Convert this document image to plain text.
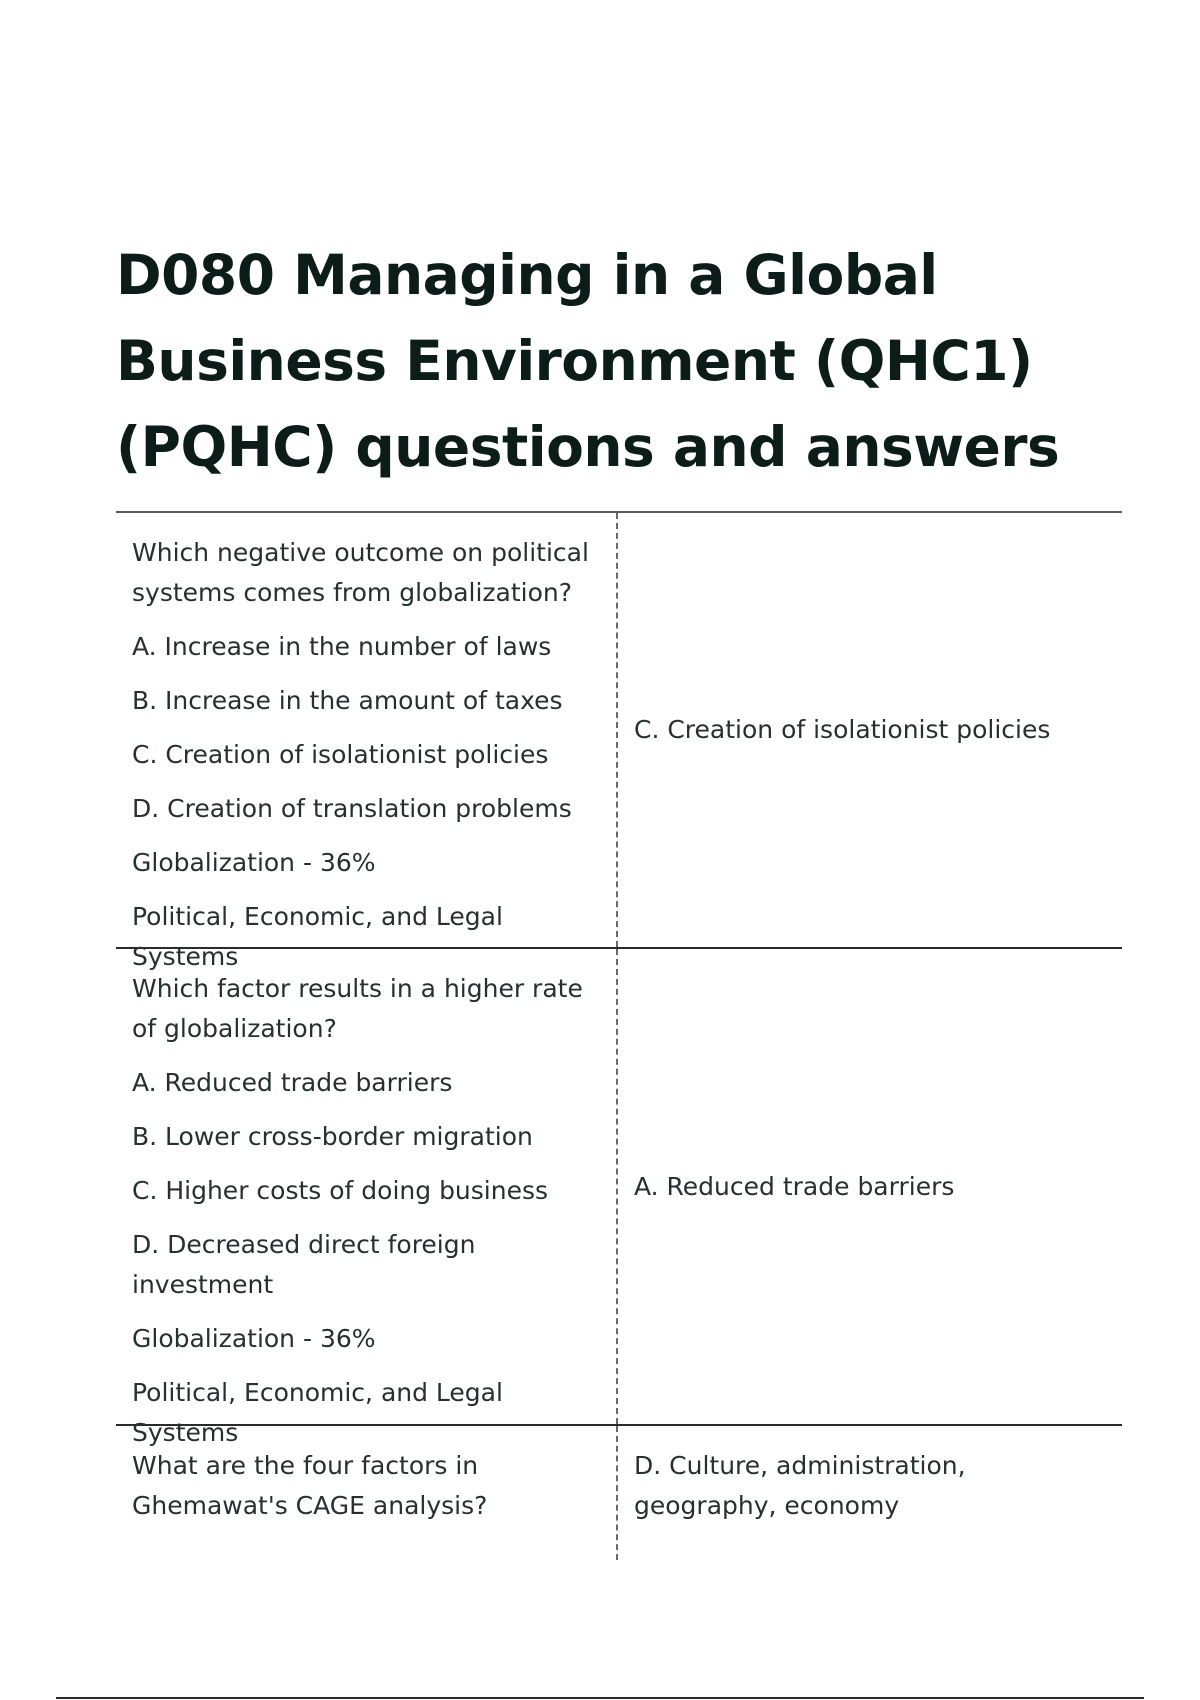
D080 Managing in a Global Business Environment (QHC1) (PQHC) questions and answers

Which negative outcome on political systems comes from globalization?

A. Increase in the number of laws

B. Increase in the amount of taxes

C. Creation of isolationist policies

D. Creation of translation problems

Globalization - 36%

Political, Economic, and Legal Systems

C. Creation of isolationist policies

Which factor results in a higher rate of globalization?

A. Reduced trade barriers

B. Lower cross-border migration

C. Higher costs of doing business

D. Decreased direct foreign investment

Globalization - 36%

Political, Economic, and Legal Systems

A. Reduced trade barriers

What are the four factors in Ghemawat's CAGE analysis?

D. Culture, administration, geography, economy
